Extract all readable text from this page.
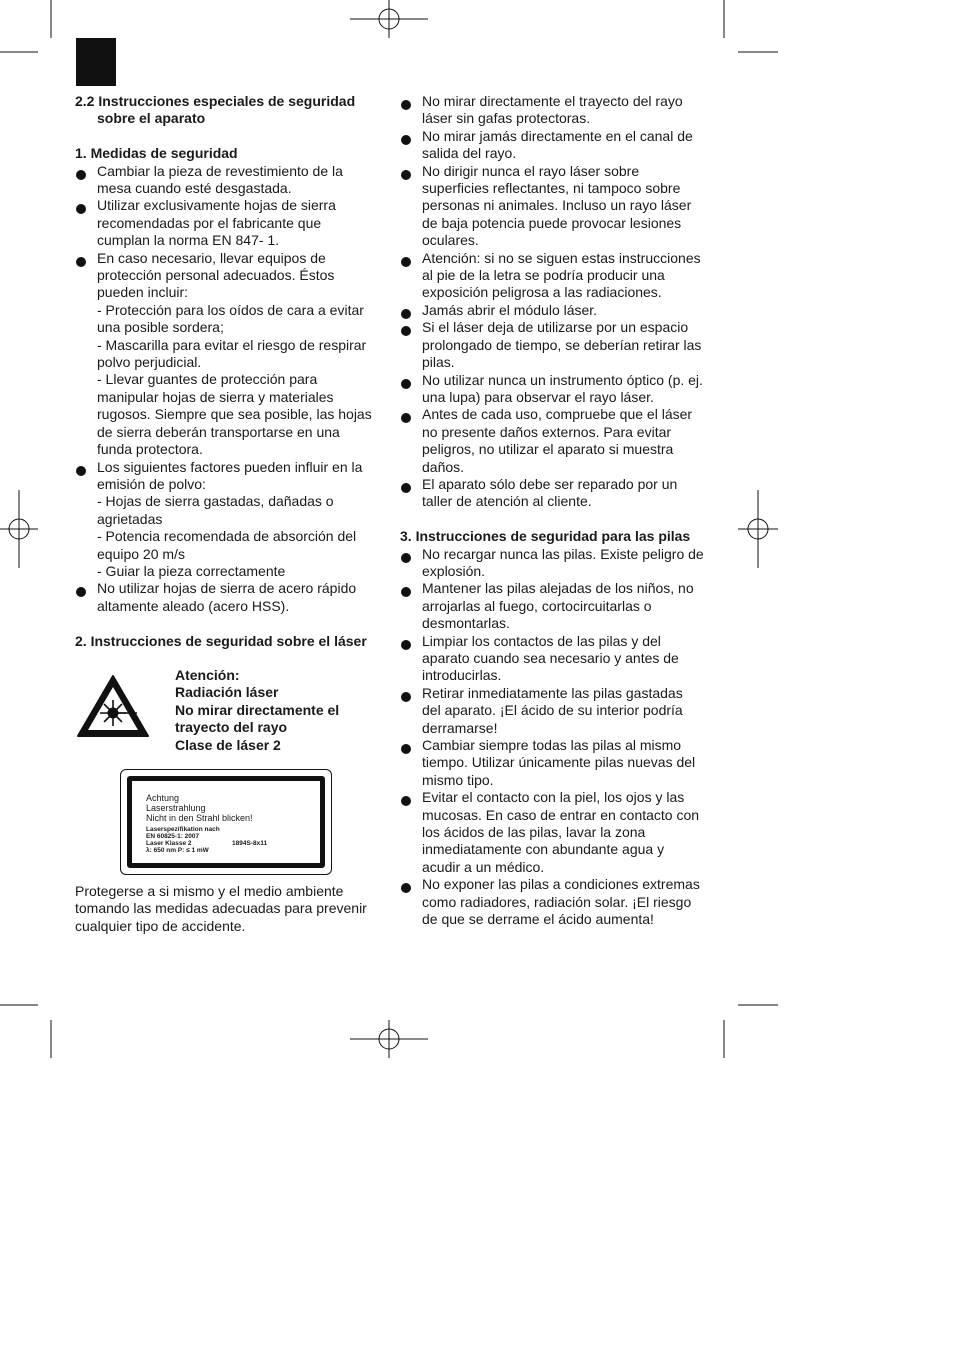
2.2 Instrucciones especiales de seguridad
sobre el aparato
1. Medidas de seguridad
Cambiar la pieza de revestimiento de la mesa cuando esté desgastada.
Utilizar exclusivamente hojas de sierra recomendadas por el fabricante que cumplan la norma EN 847- 1.
En caso necesario, llevar equipos de protección personal adecuados. Éstos pueden incluir:
- Protección para los oídos de cara a evitar una posible sordera;
- Mascarilla para evitar el riesgo de respirar polvo perjudicial.
- Llevar guantes de protección para manipular hojas de sierra y materiales rugosos. Siempre que sea posible, las hojas de sierra deberán transportarse en una funda protectora.
Los siguientes factores pueden influir en la emisión de polvo:
- Hojas de sierra gastadas, dañadas o agrietadas
- Potencia recomendada de absorción del equipo 20 m/s
- Guiar la pieza correctamente
No utilizar hojas de sierra de acero rápido altamente aleado (acero HSS).
2. Instrucciones de seguridad sobre el láser
Atención:
Radiación láser
No mirar directamente el
trayecto del rayo
Clase de láser 2
Achtung
Laserstrahlung
Nicht in den Strahl blicken!
Laserspezifikation nach
EN 60825-1: 2007
Laser Klasse 2	1894S-8x11
λ: 650 nm P: ≤ 1 mW
Protegerse a si mismo y el medio ambiente tomando las medidas adecuadas para prevenir cualquier tipo de accidente.
No mirar directamente el trayecto del rayo láser sin gafas protectoras.
No mirar jamás directamente en el canal de salida del rayo.
No dirigir nunca el rayo láser sobre superficies reflectantes, ni tampoco sobre personas ni animales. Incluso un rayo láser de baja potencia puede provocar lesiones oculares.
Atención: si no se siguen estas instrucciones al pie de la letra se podría producir una exposición peligrosa a las radiaciones.
Jamás abrir el módulo láser.
Si el láser deja de utilizarse por un espacio prolongado de tiempo, se deberían retirar las pilas.
No utilizar nunca un instrumento óptico (p. ej. una lupa) para observar el rayo láser.
Antes de cada uso, compruebe que el láser no presente daños externos. Para evitar peligros, no utilizar el aparato si muestra daños.
El aparato sólo debe ser reparado por un taller de atención al cliente.
3. Instrucciones de seguridad para las pilas
No recargar nunca las pilas. Existe peligro de explosión.
Mantener las pilas alejadas de los niños, no arrojarlas al fuego, cortocircuitarlas o desmontarlas.
Limpiar los contactos de las pilas y del aparato cuando sea necesario y antes de introducirlas.
Retirar inmediatamente las pilas gastadas del aparato. ¡El ácido de su interior podría derramarse!
Cambiar siempre todas las pilas al mismo tiempo. Utilizar únicamente pilas nuevas del mismo tipo.
Evitar el contacto con la piel, los ojos y las mucosas. En caso de entrar en contacto con los ácidos de las pilas, lavar la zona inmediatamente con abundante agua y acudir a un médico.
No exponer las pilas a condiciones extremas como radiadores, radiación solar. ¡El riesgo de que se derrame el ácido aumenta!
